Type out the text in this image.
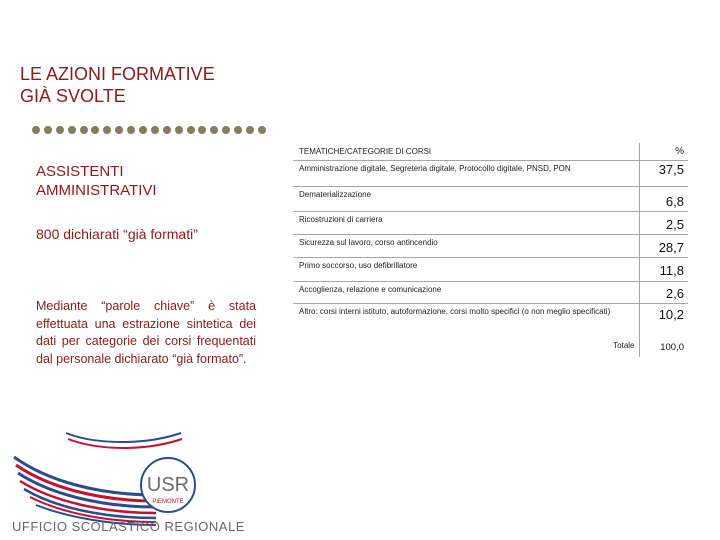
LE AZIONI FORMATIVE
GIÀ SVOLTE
ASSISTENTI
AMMINISTRATIVI
800 dichiarati “già formati”
Mediante “parole chiave” è stata effettuata una estrazione sintetica dei dati per categorie dei corsi frequentati dal personale dichiarato “già formato”.
TEMATICHE/CATEGORIE DI CORSI	%
Amministrazione digitale, Segreteria digitale, Protocollo digitale, PNSD, PON	37,5
Dematerializzazione	6,8
Ricostruzioni di carriera	2,5
Sicurezza sul lavoro, corso antincendio	28,7
Primo soccorso, uso defibrillatore	11,8
Accoglienza, relazione e comunicazione	2,6
Altro: corsi interni istituto, autoformazione, corsi molto specifici (o non meglio specificati)	10,2
Totale	100,0
USR
PIEMONTE
UFFICIO SCOLASTICO REGIONALE
